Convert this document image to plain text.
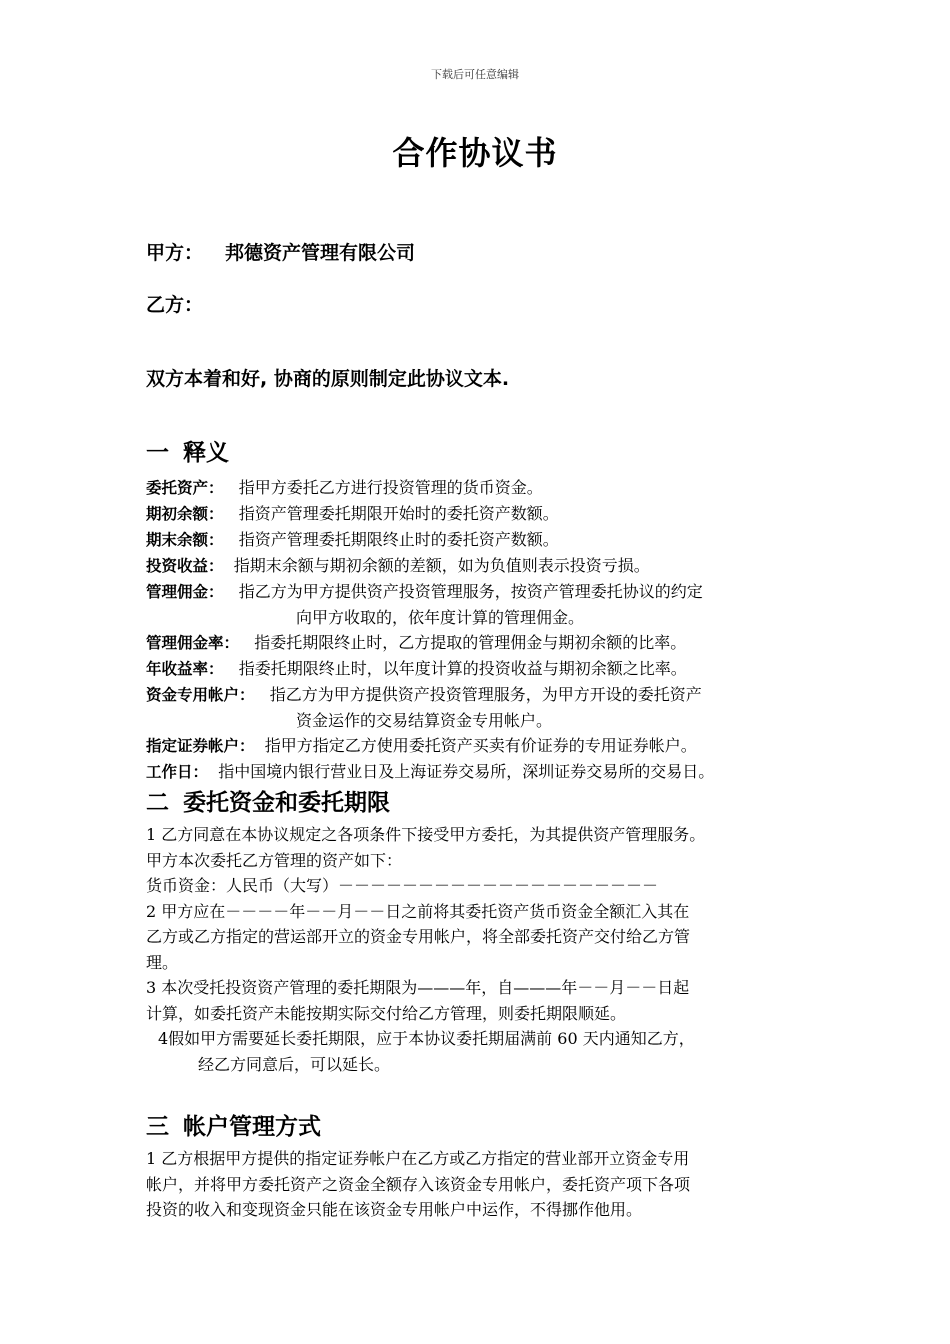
下载后可任意编辑
合作协议书
甲方： 邦德资产管理有限公司
乙方：
双方本着和好, 协商的原则制定此协议文本.
一 释义
委托资产： 指甲方委托乙方进行投资管理的货币资金。
期初余额： 指资产管理委托期限开始时的委托资产数额。
期末余额： 指资产管理委托期限终止时的委托资产数额。
投资收益： 指期末余额与期初余额的差额，如为负值则表示投资亏损。
管理佣金： 指乙方为甲方提供资产投资管理服务，按资产管理委托协议的约定
向甲方收取的，依年度计算的管理佣金。
管理佣金率： 指委托期限终止时，乙方提取的管理佣金与期初余额的比率。
年收益率： 指委托期限终止时，以年度计算的投资收益与期初余额之比率。
资金专用帐户： 指乙方为甲方提供资产投资管理服务，为甲方开设的委托资产
资金运作的交易结算资金专用帐户。
指定证券帐户： 指甲方指定乙方使用委托资产买卖有价证券的专用证券帐户。
工作日： 指中国境内银行营业日及上海证券交易所，深圳证券交易所的交易日。
二 委托资金和委托期限

1 乙方同意在本协议规定之各项条件下接受甲方委托，为其提供资产管理服务。

甲方本次委托乙方管理的资产如下：

货币资金：人民币（大写）－－－－－－－－－－－－－－－－－－－－

2 甲方应在－－－－年－－月－－日之前将其委托资产货币资金全额汇入其在

乙方或乙方指定的营运部开立的资金专用帐户，将全部委托资产交付给乙方管

理。

3 本次受托投资资产管理的委托期限为———年，自———年－－月－－日起

计算，如委托资产未能按期实际交付给乙方管理，则委托期限顺延。

4假如甲方需要延长委托期限，应于本协议委托期届满前 60 天内通知乙方，

经乙方同意后，可以延长。

三 帐户管理方式

1 乙方根据甲方提供的指定证券帐户在乙方或乙方指定的营业部开立资金专用

帐户，并将甲方委托资产之资金全额存入该资金专用帐户，委托资产项下各项

投资的收入和变现资金只能在该资金专用帐户中运作，不得挪作他用。
